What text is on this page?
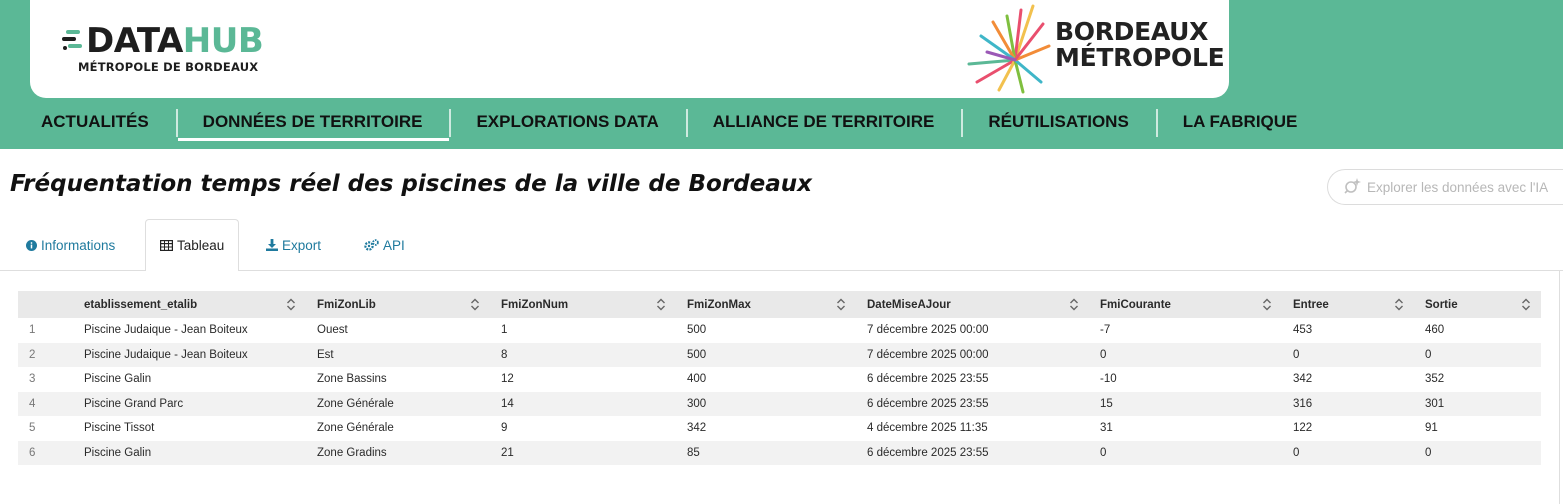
DATAHUB
MÉTROPOLE DE BORDEAUX
BORDEAUX
MÉTROPOLE
ACTUALITÉS	DONNÉES DE TERRITOIRE	EXPLORATIONS DATA	ALLIANCE DE TERRITOIRE	RÉUTILISATIONS	LA FABRIQUE
Fréquentation temps réel des piscines de la ville de Bordeaux	Explorer les données avec l'IA
Informations	Tableau	Export	API
	etablissement_etalib	FmiZonLib	FmiZonNum	FmiZonMax	DateMiseAJour	FmiCourante	Entree	Sortie

1	Piscine Judaique - Jean Boiteux	Ouest	1	500	7 décembre 2025 00:00	-7	453	460
2	Piscine Judaique - Jean Boiteux	Est	8	500	7 décembre 2025 00:00	0	0	0
3	Piscine Galin	Zone Bassins	12	400	6 décembre 2025 23:55	-10	342	352
4	Piscine Grand Parc	Zone Générale	14	300	6 décembre 2025 23:55	15	316	301
5	Piscine Tissot	Zone Générale	9	342	4 décembre 2025 11:35	31	122	91
6	Piscine Galin	Zone Gradins	21	85	6 décembre 2025 23:55	0	0	0
